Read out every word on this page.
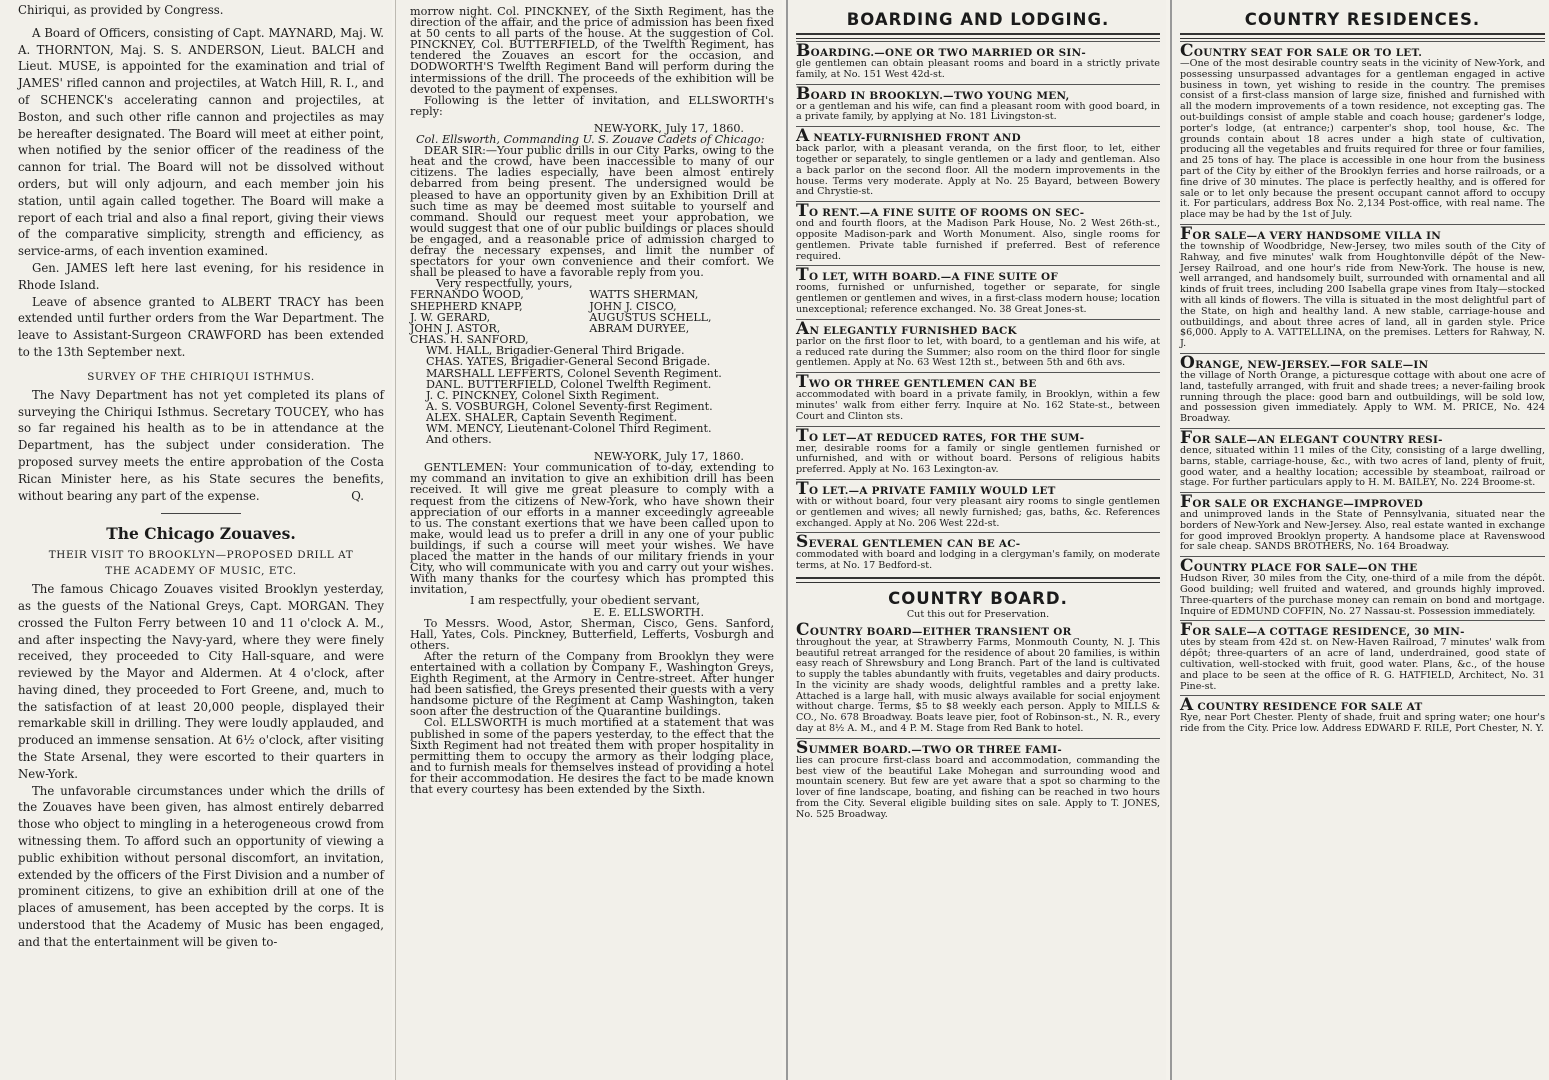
Chiriqui, as provided by Congress.

A Board of Officers, consisting of Capt. MAYNARD, Maj. W. A. THORNTON, Maj. S. S. ANDERSON, Lieut. BALCH and Lieut. MUSE, is appointed for the examination and trial of JAMES' rifled cannon and projectiles, at Watch Hill, R. I., and of SCHENCK's accelerating cannon and projectiles, at Boston, and such other rifle cannon and projectiles as may be hereafter designated. The Board will meet at either point, when notified by the senior officer of the readiness of the cannon for trial. The Board will not be dissolved without orders, but will only adjourn, and each member join his station, until again called together. The Board will make a report of each trial and also a final report, giving their views of the comparative simplicity, strength and efficiency, as service-arms, of each invention examined.

Gen. JAMES left here last evening, for his residence in Rhode Island.

Leave of absence granted to ALBERT TRACY has been extended until further orders from the War Department. The leave to Assistant-Surgeon CRAWFORD has been extended to the 13th September next.

SURVEY OF THE CHIRIQUI ISTHMUS.

The Navy Department has not yet completed its plans of surveying the Chiriqui Isthmus. Secretary TOUCEY, who has so far regained his health as to be in attendance at the Department, has the subject under consideration. The proposed survey meets the entire approbation of the Costa Rican Minister here, as his State secures the benefits, without bearing any part of the expense.	Q.

The Chicago Zouaves.
THEIR VISIT TO BROOKLYN—PROPOSED DRILL AT
THE ACADEMY OF MUSIC, ETC.

The famous Chicago Zouaves visited Brooklyn yesterday, as the guests of the National Greys, Capt. MORGAN. They crossed the Fulton Ferry between 10 and 11 o'clock A. M., and after inspecting the Navy-yard, where they were finely received, they proceeded to City Hall-square, and were reviewed by the Mayor and Aldermen. At 4 o'clock, after having dined, they proceeded to Fort Greene, and, much to the satisfaction of at least 20,000 people, displayed their remarkable skill in drilling. They were loudly applauded, and produced an immense sensation. At 6½ o'clock, after visiting the State Arsenal, they were escorted to their quarters in New-York.

The unfavorable circumstances under which the drills of the Zouaves have been given, has almost entirely debarred those who object to mingling in a heterogeneous crowd from witnessing them. To afford such an opportunity of viewing a public exhibition without personal discomfort, an invitation, extended by the officers of the First Division and a number of prominent citizens, to give an exhibition drill at one of the places of amusement, has been accepted by the corps. It is understood that the Academy of Music has been engaged, and that the entertainment will be given to-

morrow night. Col. PINCKNEY, of the Sixth Regiment, has the direction of the affair, and the price of admission has been fixed at 50 cents to all parts of the house. At the suggestion of Col. PINCKNEY, Col. BUTTERFIELD, of the Twelfth Regiment, has tendered the Zouaves an escort for the occasion, and DODWORTH'S Twelfth Regiment Band will perform during the intermissions of the drill. The proceeds of the exhibition will be devoted to the payment of expenses.

Following is the letter of invitation, and ELLSWORTH's reply:

NEW-YORK, July 17, 1860.

Col. Ellsworth, Commanding U. S. Zouave Cadets of Chicago:

DEAR SIR:—Your public drills in our City Parks, owing to the heat and the crowd, have been inaccessible to many of our citizens. The ladies especially, have been almost entirely debarred from being present. The undersigned would be pleased to have an opportunity given by an Exhibition Drill at such time as may be deemed most suitable to yourself and command. Should our request meet your approbation, we would suggest that one of our public buildings or places should be engaged, and a reasonable price of admission charged to defray the necessary expenses, and limit the number of spectators for your own convenience and their comfort. We shall be pleased to have a favorable reply from you.

Very respectfully, yours,

FERNANDO WOOD,	WATTS SHERMAN,
SHEPHERD KNAPP,	JOHN J. CISCO,
J. W. GERARD,	AUGUSTUS SCHELL,
JOHN J. ASTOR,	ABRAM DURYEE,
CHAS. H. SANFORD,	

WM. HALL, Brigadier-General Third Brigade.

CHAS. YATES, Brigadier-General Second Brigade.

MARSHALL LEFFERTS, Colonel Seventh Regiment.

DANL. BUTTERFIELD, Colonel Twelfth Regiment.

J. C. PINCKNEY, Colonel Sixth Regiment.

A. S. VOSBURGH, Colonel Seventy-first Regiment.

ALEX. SHALER, Captain Seventh Regiment.

WM. MENCY, Lieutenant-Colonel Third Regiment.

And others.

NEW-YORK, July 17, 1860.

GENTLEMEN: Your communication of to-day, extending to my command an invitation to give an exhibition drill has been received. It will give me great pleasure to comply with a request from the citizens of New-York, who have shown their appreciation of our efforts in a manner exceedingly agreeable to us. The constant exertions that we have been called upon to make, would lead us to prefer a drill in any one of your public buildings, if such a course will meet your wishes. We have placed the matter in the hands of our military friends in your City, who will communicate with you and carry out your wishes. With many thanks for the courtesy which has prompted this invitation,

I am respectfully, your obedient servant,

E. E. ELLSWORTH.

To Messrs. Wood, Astor, Sherman, Cisco, Gens. Sanford, Hall, Yates, Cols. Pinckney, Butterfield, Lefferts, Vosburgh and others.

After the return of the Company from Brooklyn they were entertained with a collation by Company F., Washington Greys, Eighth Regiment, at the Armory in Centre-street. After hunger had been satisfied, the Greys presented their guests with a very handsome picture of the Regiment at Camp Washington, taken soon after the destruction of the Quarantine buildings.

Col. ELLSWORTH is much mortified at a statement that was published in some of the papers yesterday, to the effect that the Sixth Regiment had not treated them with proper hospitality in permitting them to occupy the armory as their lodging place, and to furnish meals for themselves instead of providing a hotel for their accommodation. He desires the fact to be made known that every courtesy has been extended by the Sixth.

BOARDING AND LODGING.
BOARDING.—ONE OR TWO MARRIED OR SIN-

gle gentlemen can obtain pleasant rooms and board in a strictly private family, at No. 151 West 42d-st.

BOARD IN BROOKLYN.—TWO YOUNG MEN,

or a gentleman and his wife, can find a pleasant room with good board, in a private family, by applying at No. 181 Livingston-st.

A NEATLY-FURNISHED FRONT AND

back parlor, with a pleasant veranda, on the first floor, to let, either together or separately, to single gentlemen or a lady and gentleman. Also a back parlor on the second floor. All the modern improvements in the house. Terms very moderate. Apply at No. 25 Bayard, between Bowery and Chrystie-st.

TO RENT.—A FINE SUITE OF ROOMS ON SEC-

ond and fourth floors, at the Madison Park House, No. 2 West 26th-st., opposite Madison-park and Worth Monument. Also, single rooms for gentlemen. Private table furnished if preferred. Best of reference required.

TO LET, WITH BOARD.—A FINE SUITE OF

rooms, furnished or unfurnished, together or separate, for single gentlemen or gentlemen and wives, in a first-class modern house; location unexceptional; reference exchanged. No. 38 Great Jones-st.

AN ELEGANTLY FURNISHED BACK

parlor on the first floor to let, with board, to a gentleman and his wife, at a reduced rate during the Summer; also room on the third floor for single gentlemen. Apply at No. 63 West 12th st., between 5th and 6th avs.

TWO OR THREE GENTLEMEN CAN BE

accommodated with board in a private family, in Brooklyn, within a few minutes' walk from either ferry. Inquire at No. 162 State-st., between Court and Clinton sts.

TO LET—AT REDUCED RATES, FOR THE SUM-

mer, desirable rooms for a family or single gentlemen furnished or unfurnished, and with or without board. Persons of religious habits preferred. Apply at No. 163 Lexington-av.

TO LET.—A PRIVATE FAMILY WOULD LET

with or without board, four very pleasant airy rooms to single gentlemen or gentlemen and wives; all newly furnished; gas, baths, &c. References exchanged. Apply at No. 206 West 22d-st.

SEVERAL GENTLEMEN CAN BE AC-

commodated with board and lodging in a clergyman's family, on moderate terms, at No. 17 Bedford-st.

COUNTRY BOARD.
Cut this out for Preservation.
COUNTRY BOARD—EITHER TRANSIENT OR

throughout the year, at Strawberry Farms, Monmouth County, N. J. This beautiful retreat arranged for the residence of about 20 families, is within easy reach of Shrewsbury and Long Branch. Part of the land is cultivated to supply the tables abundantly with fruits, vegetables and dairy products. In the vicinity are shady woods, delightful rambles and a pretty lake. Attached is a large hall, with music always available for social enjoyment without charge. Terms, $5 to $8 weekly each person. Apply to MILLS & CO., No. 678 Broadway. Boats leave pier, foot of Robinson-st., N. R., every day at 8½ A. M., and 4 P. M. Stage from Red Bank to hotel.

SUMMER BOARD.—TWO OR THREE FAMI-

lies can procure first-class board and accommodation, commanding the best view of the beautiful Lake Mohegan and surrounding wood and mountain scenery. But few are yet aware that a spot so charming to the lover of fine landscape, boating, and fishing can be reached in two hours from the City. Several eligible building sites on sale. Apply to T. JONES, No. 525 Broadway.

COUNTRY RESIDENCES.
COUNTRY SEAT FOR SALE OR TO LET.

—One of the most desirable country seats in the vicinity of New-York, and possessing unsurpassed advantages for a gentleman engaged in active business in town, yet wishing to reside in the country. The premises consist of a first-class mansion of large size, finished and furnished with all the modern improvements of a town residence, not excepting gas. The out-buildings consist of ample stable and coach house; gardener's lodge, porter's lodge, (at entrance;) carpenter's shop, tool house, &c. The grounds contain about 18 acres under a high state of cultivation, producing all the vegetables and fruits required for three or four families, and 25 tons of hay. The place is accessible in one hour from the business part of the City by either of the Brooklyn ferries and horse railroads, or a fine drive of 30 minutes. The place is perfectly healthy, and is offered for sale or to let only because the present occupant cannot afford to occupy it. For particulars, address Box No. 2,134 Post-office, with real name. The place may be had by the 1st of July.

FOR SALE—A VERY HANDSOME VILLA IN

the township of Woodbridge, New-Jersey, two miles south of the City of Rahway, and five minutes' walk from Houghtonville dépôt of the New-Jersey Railroad, and one hour's ride from New-York. The house is new, well arranged, and handsomely built, surrounded with ornamental and all kinds of fruit trees, including 200 Isabella grape vines from Italy—stocked with all kinds of flowers. The villa is situated in the most delightful part of the State, on high and healthy land. A new stable, carriage-house and outbuildings, and about three acres of land, all in garden style. Price $6,000. Apply to A. VATTELLINA, on the premises. Letters for Rahway, N. J.

ORANGE, NEW-JERSEY.—FOR SALE—IN

the village of North Orange, a picturesque cottage with about one acre of land, tastefully arranged, with fruit and shade trees; a never-failing brook running through the place: good barn and outbuildings, will be sold low, and possession given immediately. Apply to WM. M. PRICE, No. 424 Broadway.

FOR SALE—AN ELEGANT COUNTRY RESI-

dence, situated within 11 miles of the City, consisting of a large dwelling, barns, stable, carriage-house, &c., with two acres of land, plenty of fruit, good water, and a healthy location; accessible by steamboat, railroad or stage. For further particulars apply to H. M. BAILEY, No. 224 Broome-st.

FOR SALE OR EXCHANGE—IMPROVED

and unimproved lands in the State of Pennsylvania, situated near the borders of New-York and New-Jersey. Also, real estate wanted in exchange for good improved Brooklyn property. A handsome place at Ravenswood for sale cheap. SANDS BROTHERS, No. 164 Broadway.

COUNTRY PLACE FOR SALE—ON THE

Hudson River, 30 miles from the City, one-third of a mile from the dépôt. Good building; well fruited and watered, and grounds highly improved. Three-quarters of the purchase money can remain on bond and mortgage. Inquire of EDMUND COFFIN, No. 27 Nassau-st. Possession immediately.

FOR SALE—A COTTAGE RESIDENCE, 30 MIN-

utes by steam from 42d st. on New-Haven Railroad, 7 minutes' walk from dépôt; three-quarters of an acre of land, underdrained, good state of cultivation, well-stocked with fruit, good water. Plans, &c., of the house and place to be seen at the office of R. G. HATFIELD, Architect, No. 31 Pine-st.

A COUNTRY RESIDENCE FOR SALE AT

Rye, near Port Chester. Plenty of shade, fruit and spring water; one hour's ride from the City. Price low. Address EDWARD F. RILE, Port Chester, N. Y.
